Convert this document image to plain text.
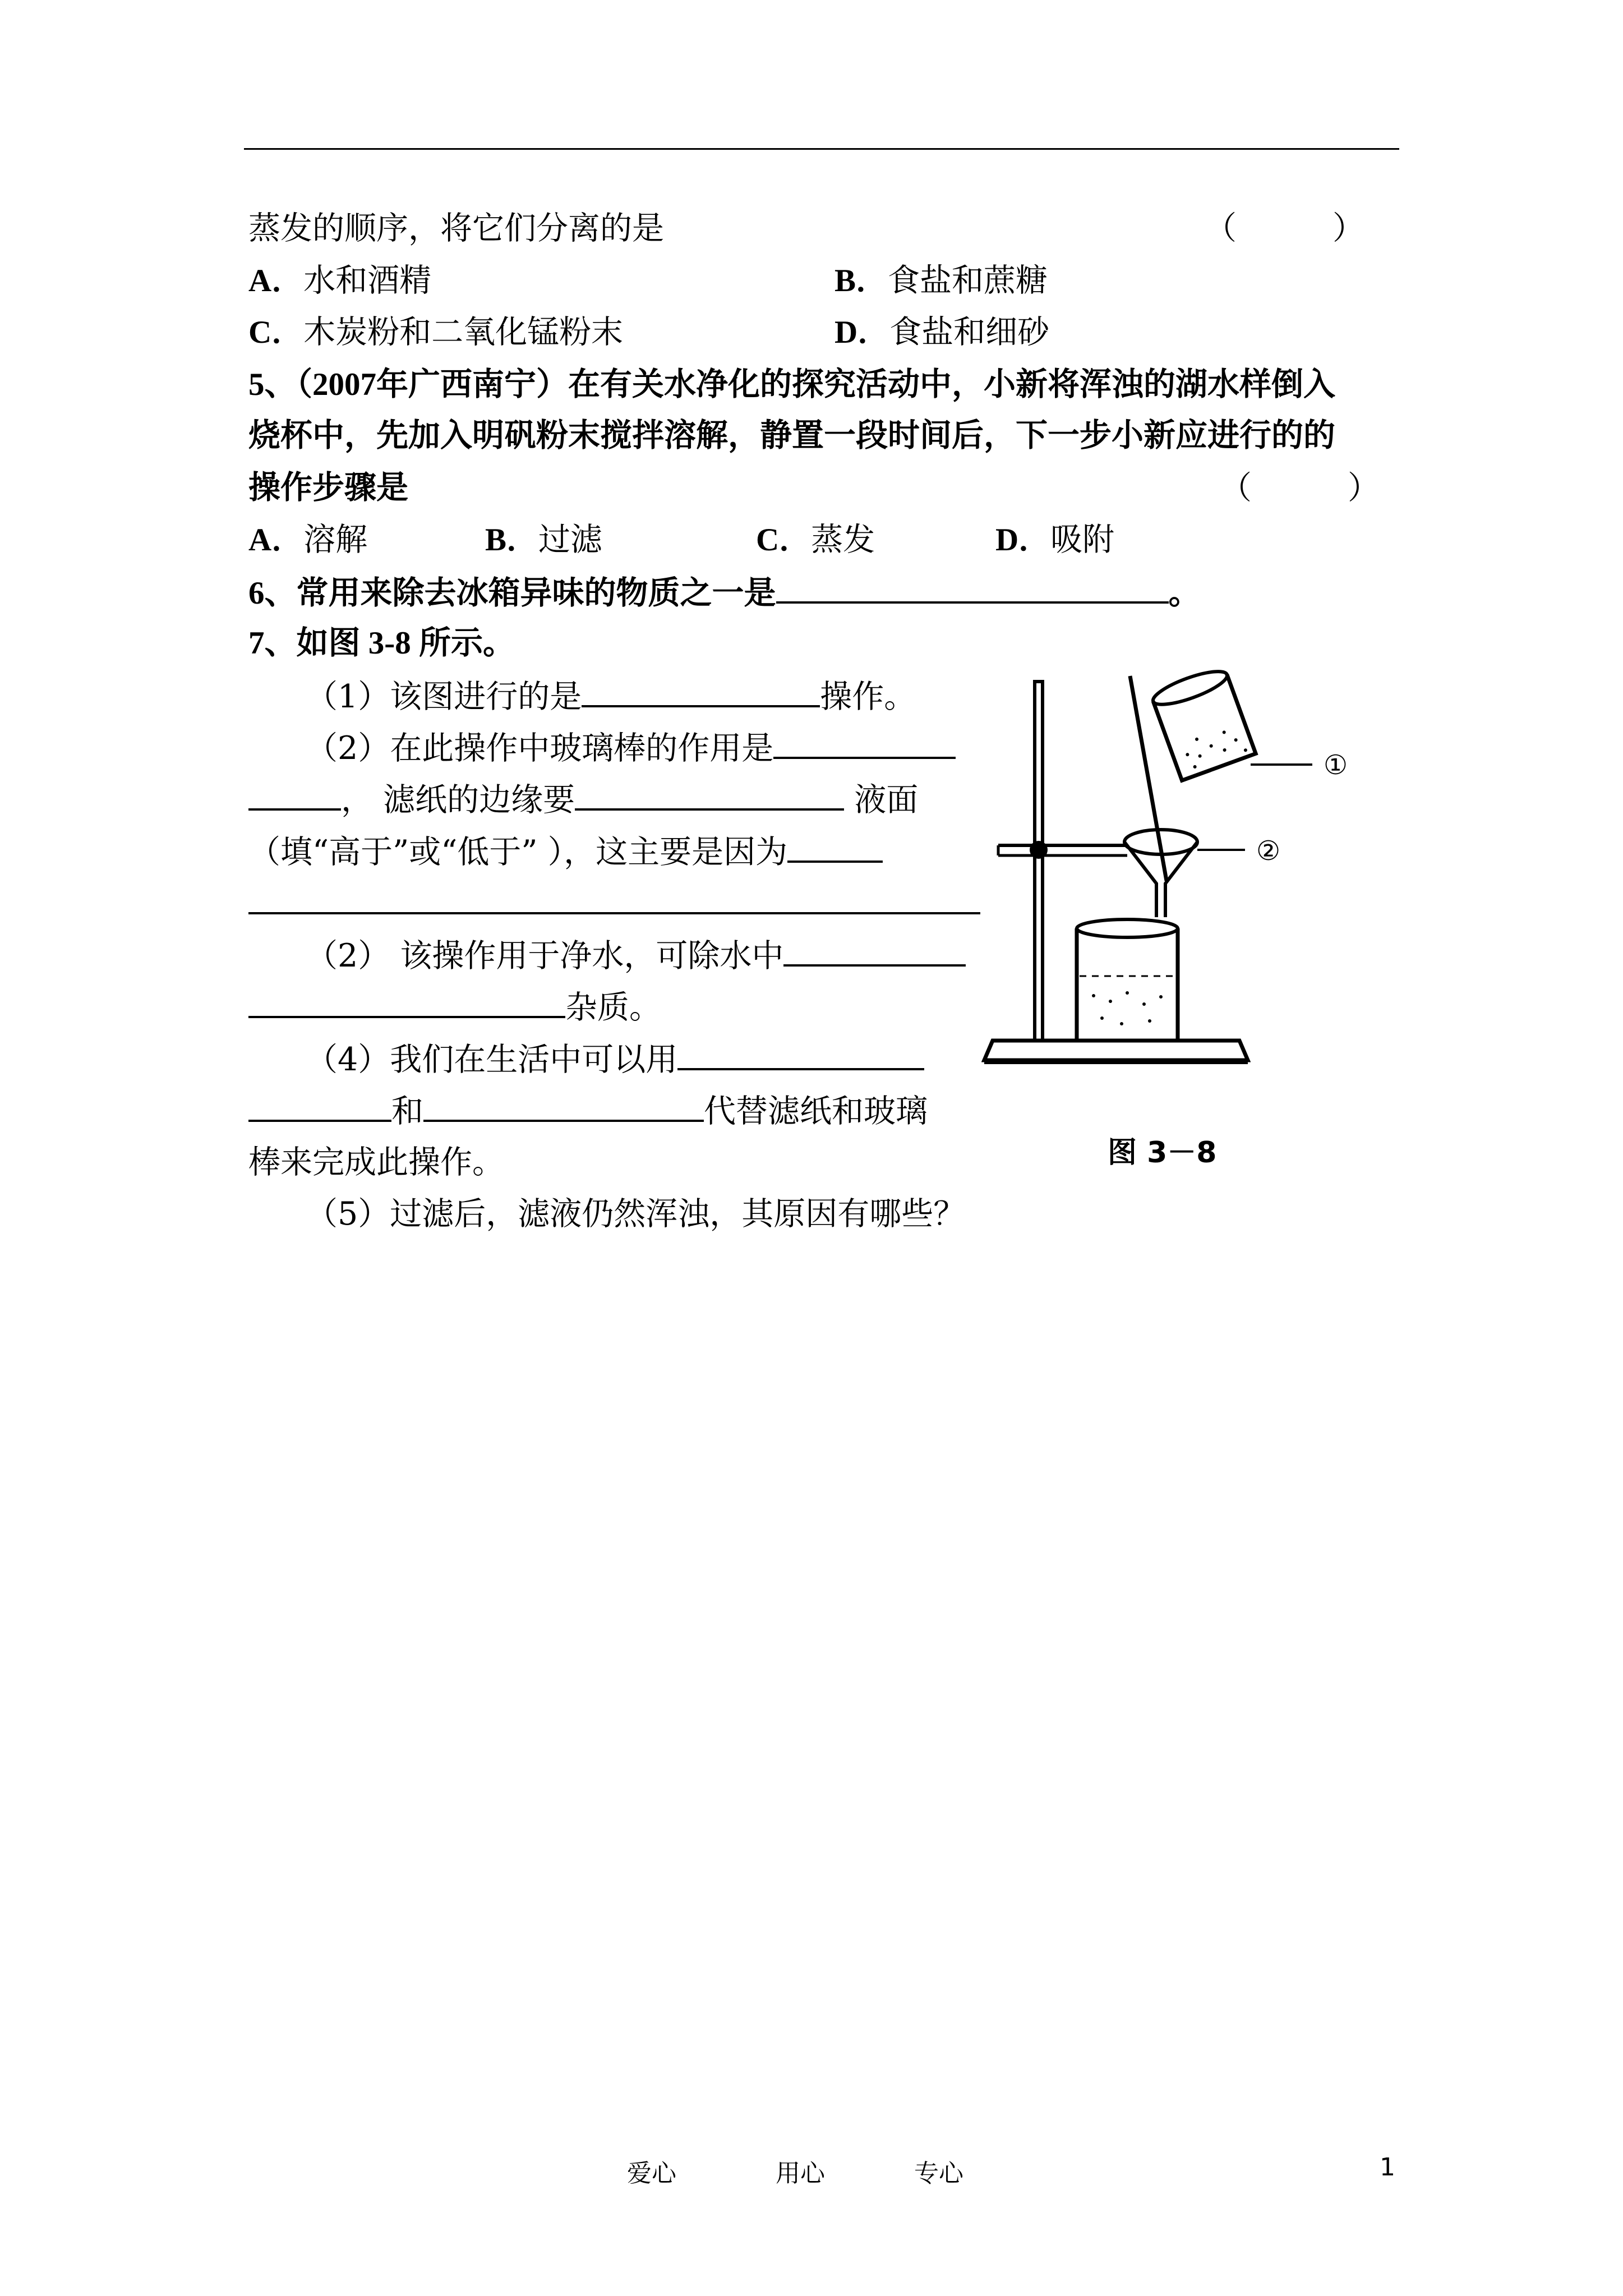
蒸发的顺序，将它们分离的是	（　　　）
A．水和酒精	B．食盐和蔗糖
C．木炭粉和二氧化锰粉末	D．食盐和细砂
5、（2007年广西南宁）在有关水净化的探究活动中，小新将浑浊的湖水样倒入
烧杯中，先加入明矾粉末搅拌溶解，静置一段时间后，下一步小新应进行的的
操作步骤是	（　　　）
A．溶解	B．过滤	C．蒸发	D．吸附
6、常用来除去冰箱异味的物质之一是	。
7、如图 3-8 所示。
（1）该图进行的是	操作。
（2）在此操作中玻璃棒的作用是
， 滤纸的边缘要	液面
（填“高于”或“低于” ），这主要是因为
（2） 该操作用于净水，可除水中
杂质。
（4）我们在生活中可以用
和	代替滤纸和玻璃
棒来完成此操作。
（5）过滤后，滤液仍然浑浊，其原因有哪些？
①
②
图 3－8
爱心	用心	专心	1
